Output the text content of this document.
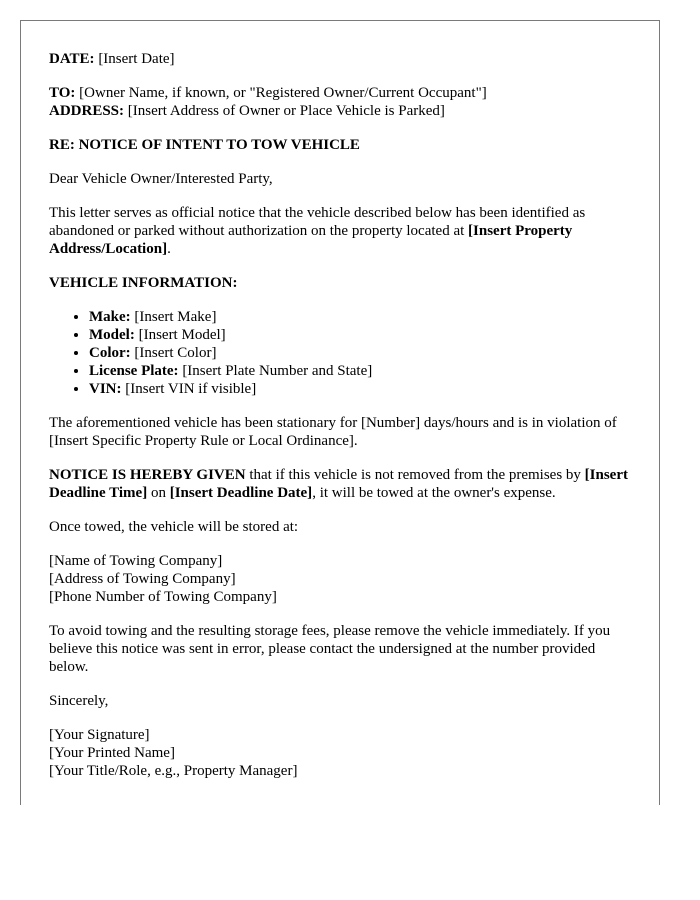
DATE: [Insert Date]

TO: [Owner Name, if known, or "Registered Owner/Current Occupant"]

ADDRESS: [Insert Address of Owner or Place Vehicle is Parked]

RE: NOTICE OF INTENT TO TOW VEHICLE

Dear Vehicle Owner/Interested Party,

This letter serves as official notice that the vehicle described below has been identified as abandoned or parked without authorization on the property located at [Insert Property Address/Location].

VEHICLE INFORMATION:

• Make: [Insert Make]
• Model: [Insert Model]
• Color: [Insert Color]
• License Plate: [Insert Plate Number and State]
• VIN: [Insert VIN if visible]

The aforementioned vehicle has been stationary for [Number] days/hours and is in violation of [Insert Specific Property Rule or Local Ordinance].

NOTICE IS HEREBY GIVEN that if this vehicle is not removed from the premises by [Insert Deadline Time] on [Insert Deadline Date], it will be towed at the owner's expense.

Once towed, the vehicle will be stored at:

[Name of Towing Company]
[Address of Towing Company]
[Phone Number of Towing Company]

To avoid towing and the resulting storage fees, please remove the vehicle immediately. If you believe this notice was sent in error, please contact the undersigned at the number provided below.

Sincerely,

[Your Signature]
[Your Printed Name]
[Your Title/Role, e.g., Property Manager]
